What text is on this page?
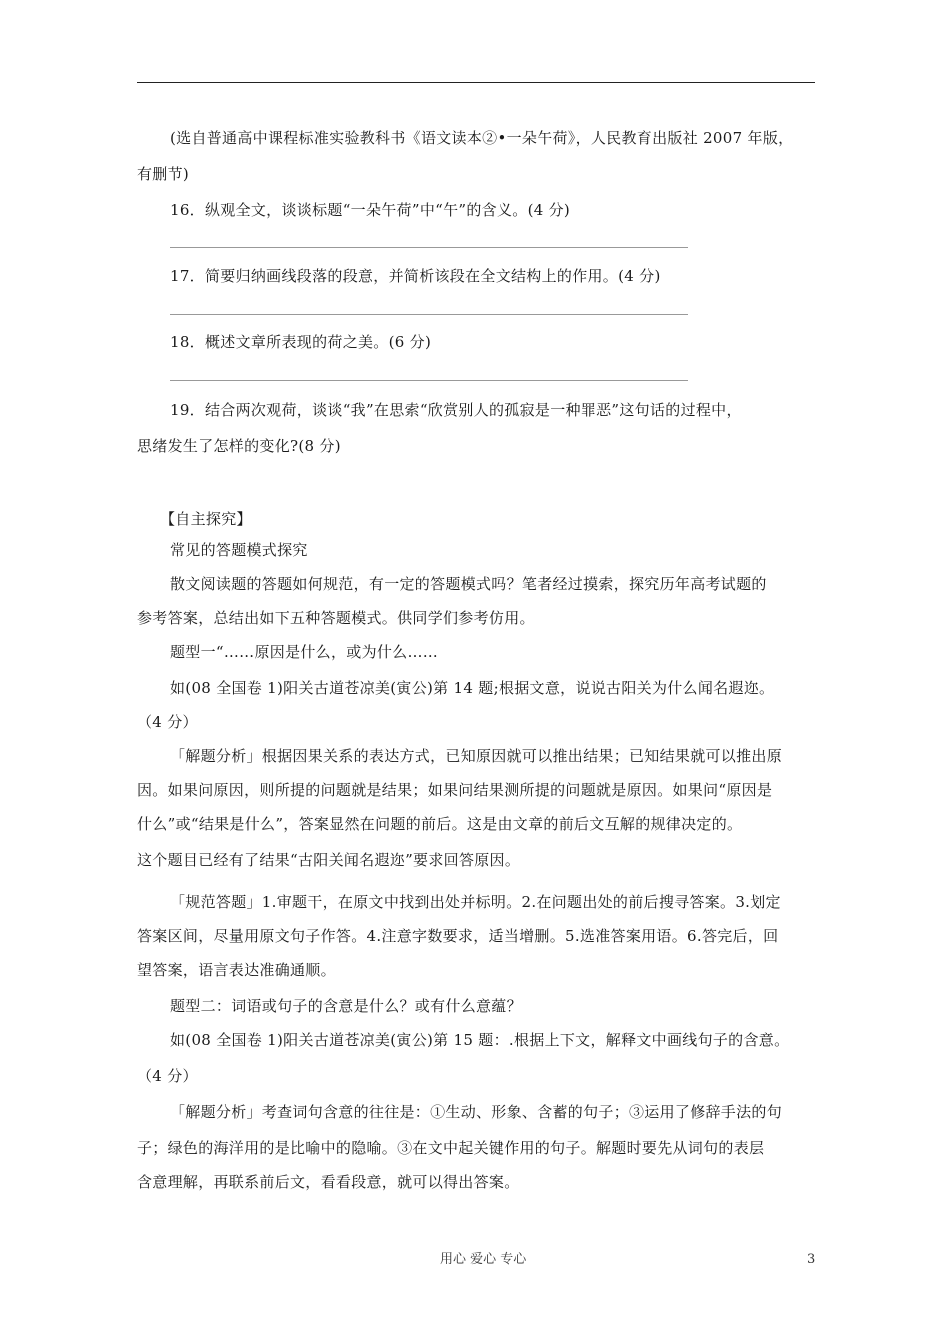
(选自普通高中课程标准实验教科书《语文读本②•一朵午荷》，人民教育出版社 2007 年版，
有删节)
16．纵观全文，谈谈标题“一朵午荷”中“午”的含义。(4 分)
17．简要归纳画线段落的段意，并简析该段在全文结构上的作用。(4 分)
18．概述文章所表现的荷之美。(6 分)
19．结合两次观荷，谈谈“我”在思索“欣赏别人的孤寂是一种罪恶”这句话的过程中，
思绪发生了怎样的变化?(8 分)
【自主探究】
常见的答题模式探究
散文阅读题的答题如何规范，有一定的答题模式吗？笔者经过摸索，探究历年高考试题的
参考答案，总结出如下五种答题模式。供同学们参考仿用。
题型一“……原因是什么，或为什么……
如(08 全国卷 1)阳关古道苍凉美(寅公)第 14 题;根据文意，说说古阳关为什么闻名遐迩。
（4 分）
「解题分析」根据因果关系的表达方式，已知原因就可以推出结果；已知结果就可以推出原
因。如果问原因，则所提的问题就是结果；如果问结果测所提的问题就是原因。如果问“原因是
什么”或“结果是什么”，答案显然在问题的前后。这是由文章的前后文互解的规律决定的。
这个题目已经有了结果“古阳关闻名遐迩”要求回答原因。
「规范答题」1.审题干，在原文中找到出处并标明。2.在问题出处的前后搜寻答案。3.划定
答案区间，尽量用原文句子作答。4.注意字数要求，适当增删。5.选准答案用语。6.答完后，回
望答案，语言表达准确通顺。
题型二：词语或句子的含意是什么？或有什么意蕴？
如(08 全国卷 1)阳关古道苍凉美(寅公)第 15 题：.根据上下文，解释文中画线句子的含意。
（4 分）
「解题分析」考查词句含意的往往是：①生动、形象、含蓄的句子；③运用了修辞手法的句
子；绿色的海洋用的是比喻中的隐喻。③在文中起关键作用的句子。解题时要先从词句的表层
含意理解，再联系前后文，看看段意，就可以得出答案。
用心 爱心 专心	3
